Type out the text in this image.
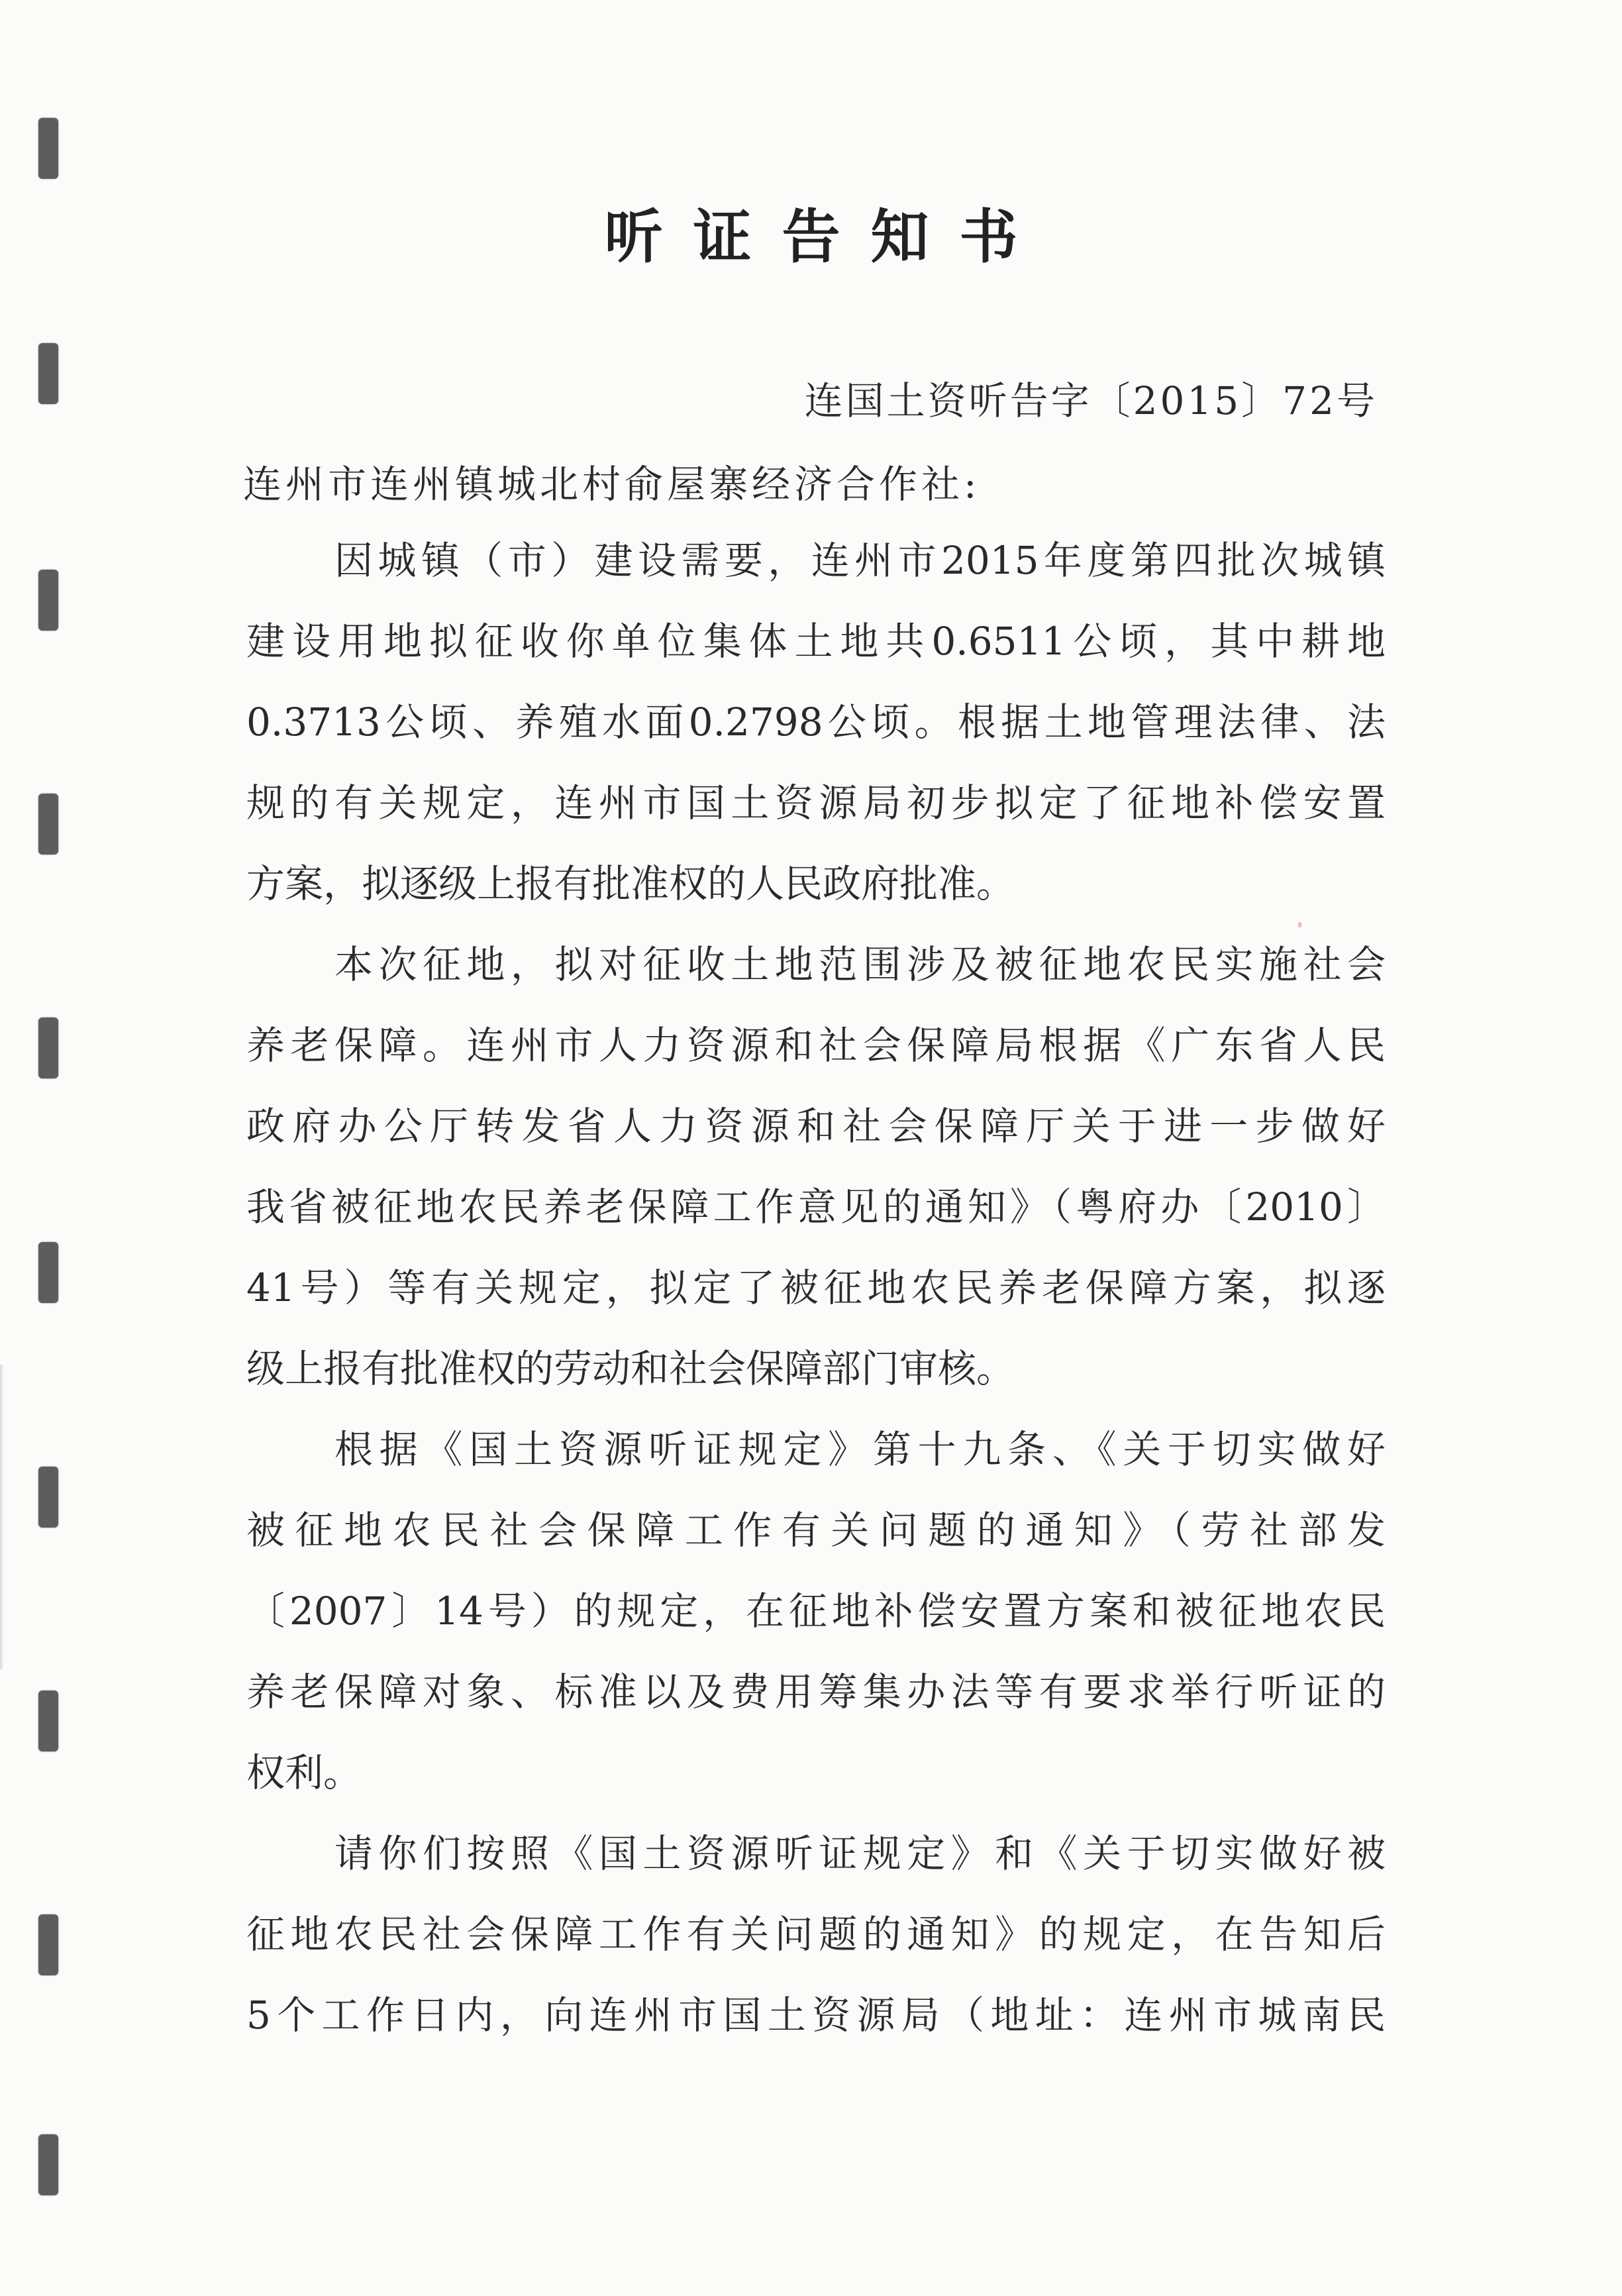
听证告知书
连国土资听告字〔2015〕72号
连州市连州镇城北村俞屋寨经济合作社:
因城镇（市）建设需要，连州市2015年度第四批次城镇
建设用地拟征收你单位集体土地共0.6511公顷，其中耕地
0.3713公顷、养殖水面0.2798公顷。根据土地管理法律、法
规的有关规定，连州市国土资源局初步拟定了征地补偿安置
方案，拟逐级上报有批准权的人民政府批准。
本次征地，拟对征收土地范围涉及被征地农民实施社会
养老保障。连州市人力资源和社会保障局根据《广东省人民
政府办公厅转发省人力资源和社会保障厅关于进一步做好
我省被征地农民养老保障工作意见的通知》（粤府办〔2010〕
41号）等有关规定，拟定了被征地农民养老保障方案，拟逐
级上报有批准权的劳动和社会保障部门审核。
根据《国土资源听证规定》第十九条、《关于切实做好
被征地农民社会保障工作有关问题的通知》（劳社部发
〔2007〕14号）的规定，在征地补偿安置方案和被征地农民
养老保障对象、标准以及费用筹集办法等有要求举行听证的
权利。
请你们按照《国土资源听证规定》和《关于切实做好被
征地农民社会保障工作有关问题的通知》的规定，在告知后
5个工作日内，向连州市国土资源局（地址：连州市城南民
